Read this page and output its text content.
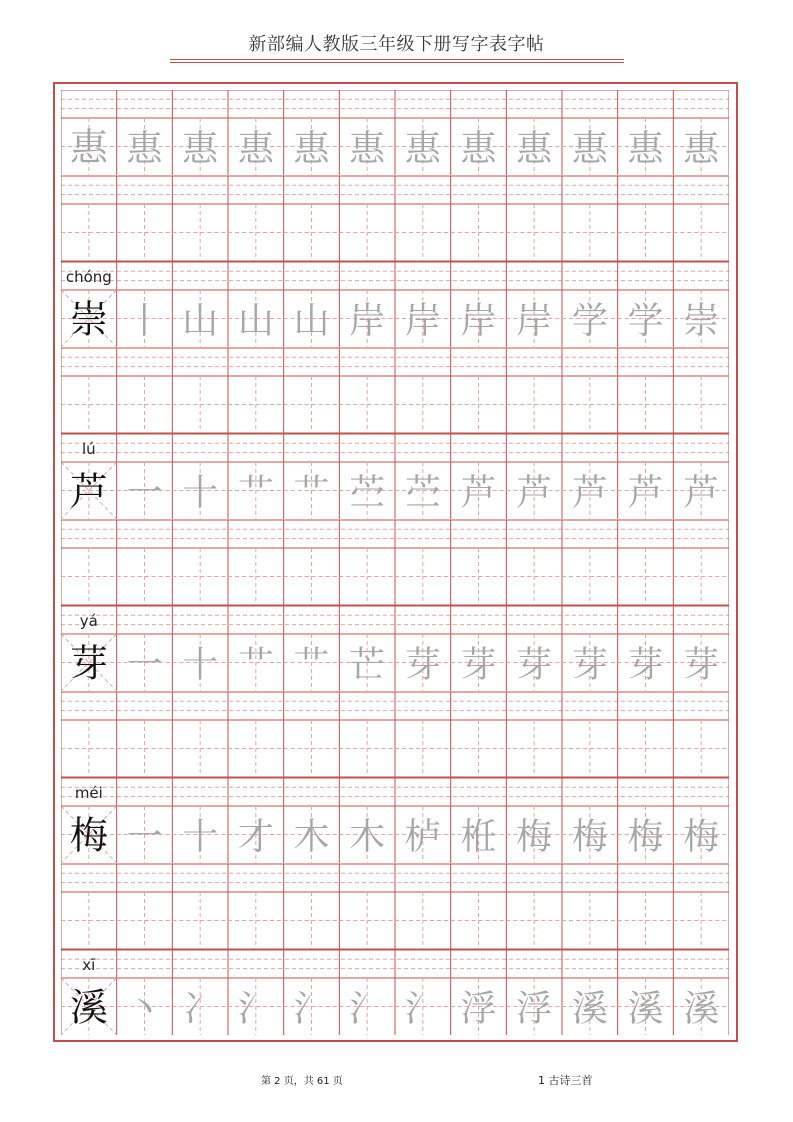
新部编人教版三年级下册写字表字帖
惠 惠 惠 惠 惠 惠 惠 惠 惠 惠 惠 惠
chóng
崇 丨 山 山 山 岸 岸 岸 岸 学 学 崇
lú
芦 一 十 艹 艹 苎 苎 芦 芦 芦 芦 芦
yá
芽 一 十 艹 艹 芒 芽 芽 芽 芽 芽 芽
méi
梅 一 十 才 木 木 栌 栣 梅 梅 梅 梅
xī
溪 丶 冫 氵 氵 氵 氵 浮 浮 溪 溪 溪
第 2 页，共 61 页	1 古诗三首
